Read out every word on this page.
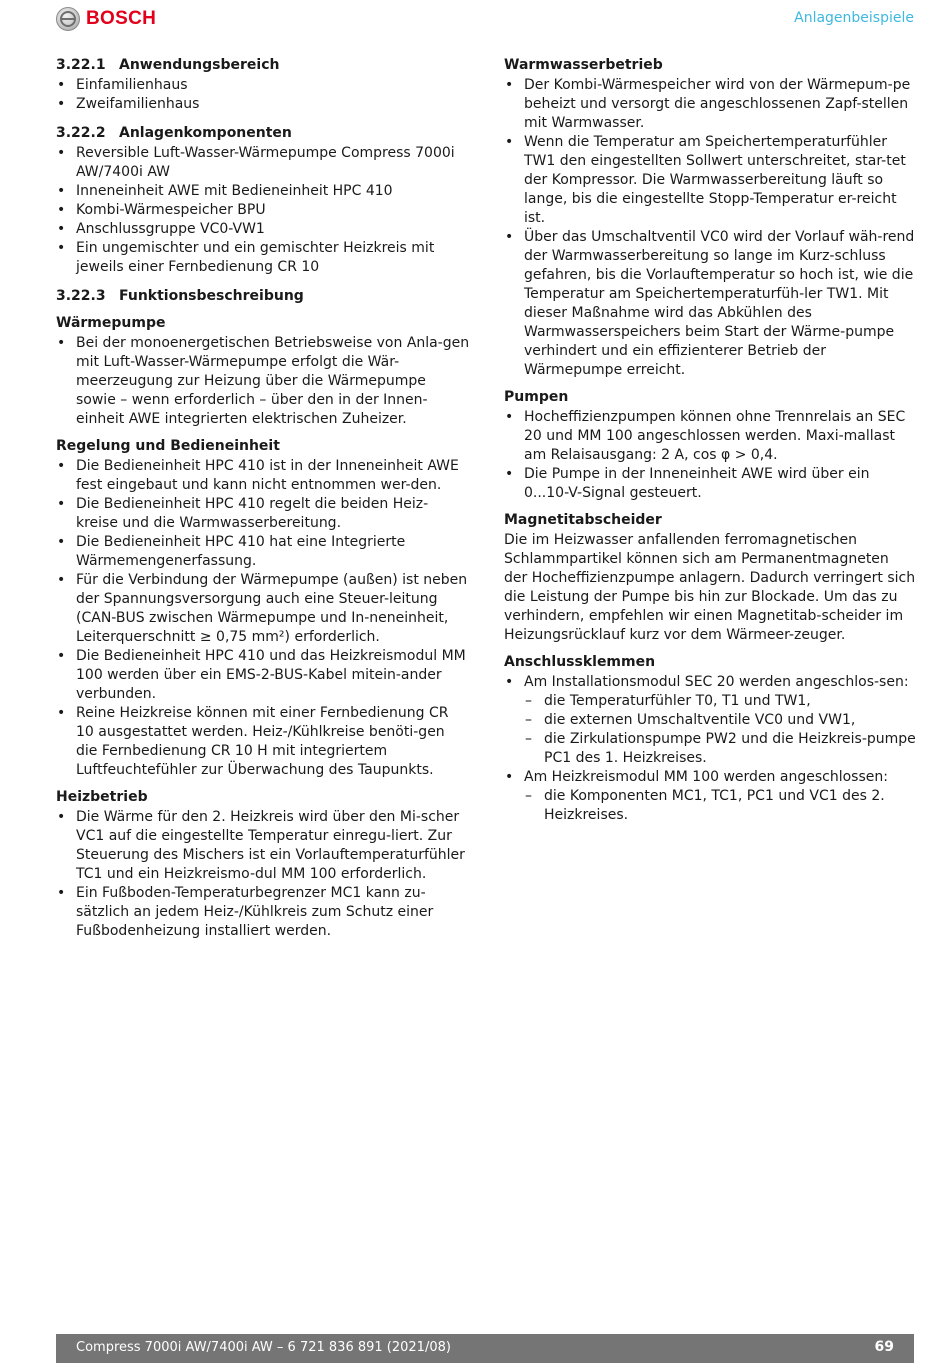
BOSCH	Anlagenbeispiele
3.22.1 Anwendungsbereich
• Einfamilienhaus
• Zweifamilienhaus
3.22.2 Anlagenkomponenten
• Reversible Luft-Wasser-Wärmepumpe Compress 7000i AW/7400i AW
• Inneneinheit AWE mit Bedieneinheit HPC 410
• Kombi-Wärmespeicher BPU
• Anschlussgruppe VC0-VW1
• Ein ungemischter und ein gemischter Heizkreis mit jeweils einer Fernbedienung CR 10
3.22.3 Funktionsbeschreibung
Wärmepumpe
• Bei der monoenergetischen Betriebsweise von Anla-gen mit Luft-Wasser-Wärmepumpe erfolgt die Wär-meerzeugung zur Heizung über die Wärmepumpe sowie – wenn erforderlich – über den in der Innen-einheit AWE integrierten elektrischen Zuheizer.
Regelung und Bedieneinheit
• Die Bedieneinheit HPC 410 ist in der Inneneinheit AWE fest eingebaut und kann nicht entnommen wer-den.
• Die Bedieneinheit HPC 410 regelt die beiden Heiz-kreise und die Warmwasserbereitung.
• Die Bedieneinheit HPC 410 hat eine Integrierte Wärmemengenerfassung.
• Für die Verbindung der Wärmepumpe (außen) ist neben der Spannungsversorgung auch eine Steuer-leitung (CAN-BUS zwischen Wärmepumpe und In-neneinheit, Leiterquerschnitt ≥ 0,75 mm²) erforderlich.
• Die Bedieneinheit HPC 410 und das Heizkreismodul MM 100 werden über ein EMS-2-BUS-Kabel mitein-ander verbunden.
• Reine Heizkreise können mit einer Fernbedienung CR 10 ausgestattet werden. Heiz-/Kühlkreise benöti-gen die Fernbedienung CR 10 H mit integriertem Luftfeuchtefühler zur Überwachung des Taupunkts.
Heizbetrieb
• Die Wärme für den 2. Heizkreis wird über den Mi-scher VC1 auf die eingestellte Temperatur einregu-liert. Zur Steuerung des Mischers ist ein Vorlauftemperaturfühler TC1 und ein Heizkreismo-dul MM 100 erforderlich.
• Ein Fußboden-Temperaturbegrenzer MC1 kann zu-sätzlich an jedem Heiz-/Kühlkreis zum Schutz einer Fußbodenheizung installiert werden.
Warmwasserbetrieb
• Der Kombi-Wärmespeicher wird von der Wärmepum-pe beheizt und versorgt die angeschlossenen Zapf-stellen mit Warmwasser.
• Wenn die Temperatur am Speichertemperaturfühler TW1 den eingestellten Sollwert unterschreitet, star-tet der Kompressor. Die Warmwasserbereitung läuft so lange, bis die eingestellte Stopp-Temperatur er-reicht ist.
• Über das Umschaltventil VC0 wird der Vorlauf wäh-rend der Warmwasserbereitung so lange im Kurz-schluss gefahren, bis die Vorlauftemperatur so hoch ist, wie die Temperatur am Speichertemperaturfüh-ler TW1. Mit dieser Maßnahme wird das Abkühlen des Warmwasserspeichers beim Start der Wärme-pumpe verhindert und ein effizienterer Betrieb der Wärmepumpe erreicht.
Pumpen
• Hocheffizienzpumpen können ohne Trennrelais an SEC 20 und MM 100 angeschlossen werden. Maxi-mallast am Relaisausgang: 2 A, cos φ > 0,4.
• Die Pumpe in der Inneneinheit AWE wird über ein 0...10-V-Signal gesteuert.
Magnetitabscheider

Die im Heizwasser anfallenden ferromagnetischen Schlammpartikel können sich am Permanentmagneten der Hocheffizienzpumpe anlagern. Dadurch verringert sich die Leistung der Pumpe bis hin zur Blockade. Um das zu verhindern, empfehlen wir einen Magnetitab-scheider im Heizungsrücklauf kurz vor dem Wärmeer-zeuger.

Anschlussklemmen
• Am Installationsmodul SEC 20 werden angeschlos-sen:
– die Temperaturfühler T0, T1 und TW1,
– die externen Umschaltventile VC0 und VW1,
– die Zirkulationspumpe PW2 und die Heizkreis-pumpe PC1 des 1. Heizkreises.
• Am Heizkreismodul MM 100 werden angeschlossen:
– die Komponenten MC1, TC1, PC1 und VC1 des 2. Heizkreises.
Compress 7000i AW/7400i AW – 6 721 836 891 (2021/08)	69
